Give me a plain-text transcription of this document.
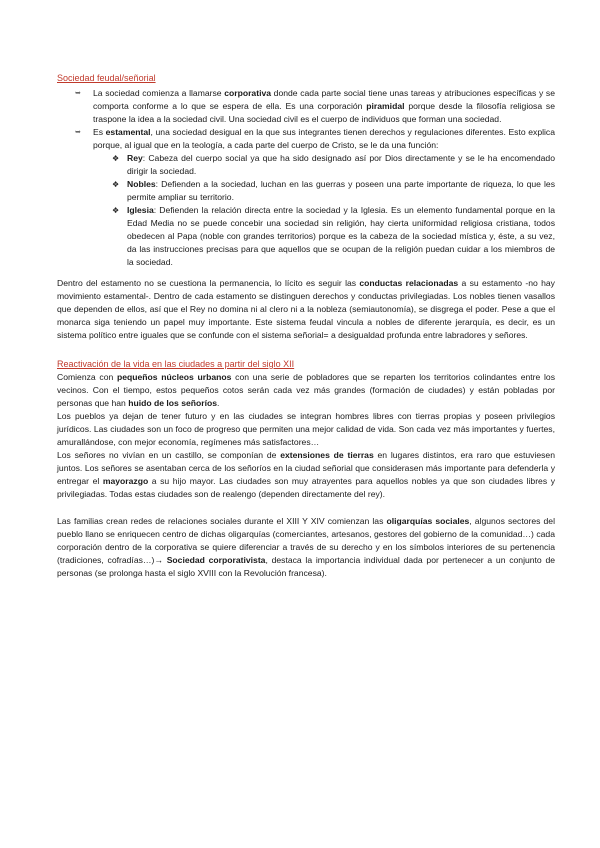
Sociedad feudal/señorial
➥ La sociedad comienza a llamarse corporativa donde cada parte social tiene unas tareas y atribuciones específicas y se comporta conforme a lo que se espera de ella. Es una corporación piramidal porque desde la filosofía religiosa se traspone la idea a la sociedad civil. Una sociedad civil es el cuerpo de individuos que forman una sociedad.
➥ Es estamental, una sociedad desigual en la que sus integrantes tienen derechos y regulaciones diferentes. Esto explica porque, al igual que en la teología, a cada parte del cuerpo de Cristo, se le da una función:
❖ Rey: Cabeza del cuerpo social ya que ha sido designado así por Dios directamente y se le ha encomendado dirigir la sociedad.
❖ Nobles: Defienden a la sociedad, luchan en las guerras y poseen una parte importante de riqueza, lo que les permite ampliar su territorio.
❖ Iglesia: Defienden la relación directa entre la sociedad y la Iglesia. Es un elemento fundamental porque en la Edad Media no se puede concebir una sociedad sin religión, hay cierta uniformidad religiosa cristiana, todos obedecen al Papa (noble con grandes territorios) porque es la cabeza de la sociedad mística y, éste, a su vez, da las instrucciones precisas para que aquellos que se ocupan de la religión puedan cuidar a los miembros de la sociedad.

Dentro del estamento no se cuestiona la permanencia, lo lícito es seguir las conductas relacionadas a su estamento -no hay movimiento estamental-. Dentro de cada estamento se distinguen derechos y conductas privilegiadas. Los nobles tienen vasallos que dependen de ellos, así que el Rey no domina ni al clero ni a la nobleza (semiautonomía), se disgrega el poder. Pese a que el monarca siga teniendo un papel muy importante. Este sistema feudal vincula a nobles de diferente jerarquía, es decir, es un sistema político entre iguales que se confunde con el sistema señorial= a desigualdad profunda entre labradores y señores.

Reactivación de la vida en las ciudades a partir del siglo XII

Comienza con pequeños núcleos urbanos con una serie de pobladores que se reparten los territorios colindantes entre los vecinos. Con el tiempo, estos pequeños cotos serán cada vez más grandes (formación de ciudades) y están pobladas por personas que han huido de los señoríos.

Los pueblos ya dejan de tener futuro y en las ciudades se integran hombres libres con tierras propias y poseen privilegios jurídicos. Las ciudades son un foco de progreso que permiten una mejor calidad de vida. Son cada vez más importantes y fuertes, amurallándose, con mejor economía, regímenes más satisfactores…

Los señores no vivían en un castillo, se componían de extensiones de tierras en lugares distintos, era raro que estuviesen juntos. Los señores se asentaban cerca de los señoríos en la ciudad señorial que considerasen más importante para defenderla y entregar el mayorazgo a su hijo mayor. Las ciudades son muy atrayentes para aquellos nobles ya que son ciudades libres y privilegiadas. Todas estas ciudades son de realengo (dependen directamente del rey).

Las familias crean redes de relaciones sociales durante el XIII Y XIV comienzan las oligarquías sociales, algunos sectores del pueblo llano se enriquecen centro de dichas oligarquías (comerciantes, artesanos, gestores del gobierno de la comunidad…) cada corporación dentro de la corporativa se quiere diferenciar a través de su derecho y en los símbolos interiores de su pertenencia (tradiciones, cofradías…)→ Sociedad corporativista, destaca la importancia individual dada por pertenecer a un conjunto de personas (se prolonga hasta el siglo XVIII con la Revolución francesa).
